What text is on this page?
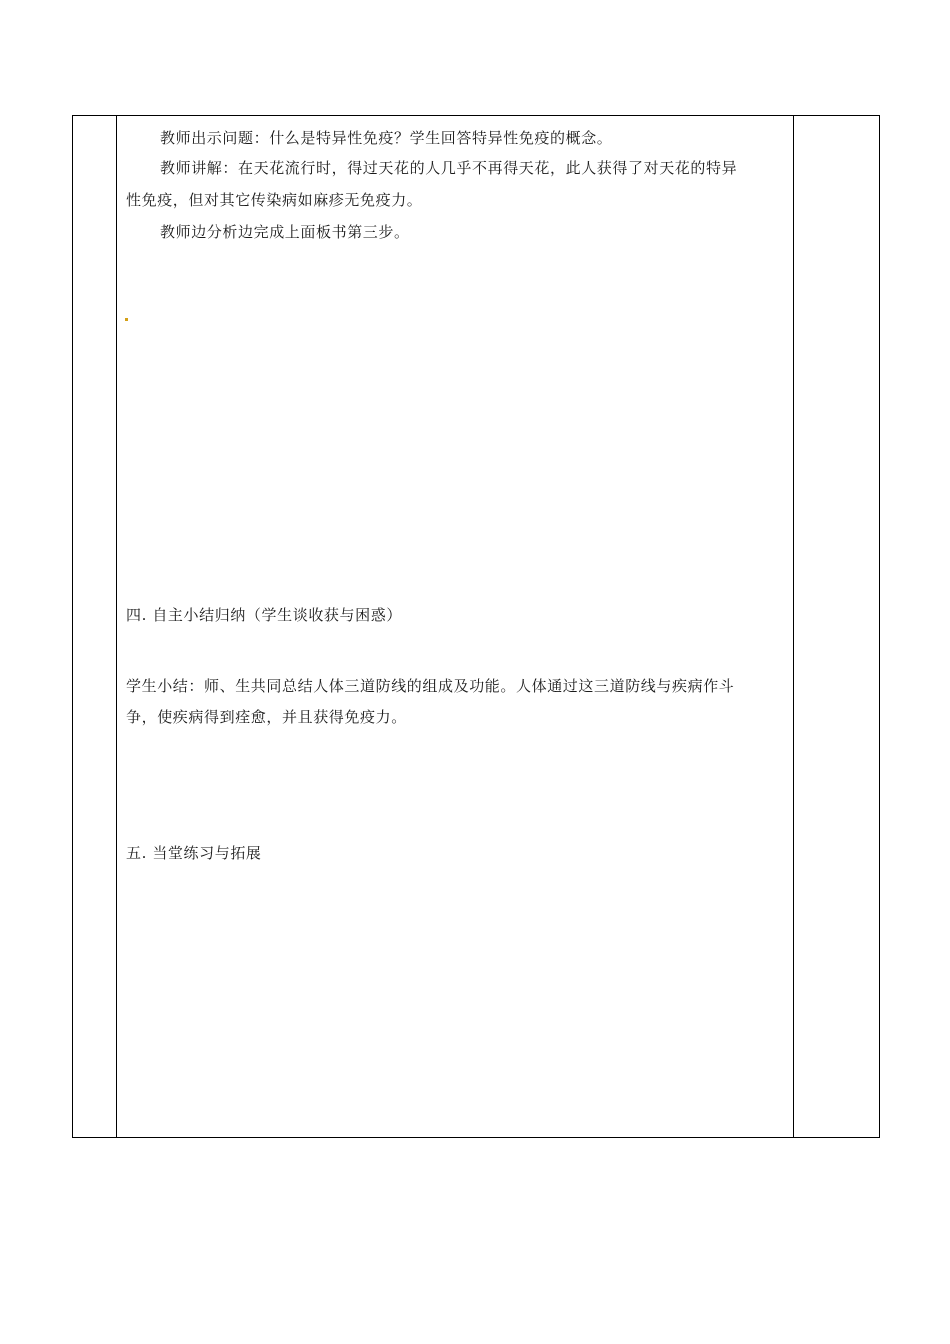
教师出示问题：什么是特异性免疫？学生回答特异性免疫的概念。
教师讲解：在天花流行时，得过天花的人几乎不再得天花，此人获得了对天花的特异
性免疫，但对其它传染病如麻疹无免疫力。
教师边分析边完成上面板书第三步。
四. 自主小结归纳（学生谈收获与困惑）
学生小结：师、生共同总结人体三道防线的组成及功能。人体通过这三道防线与疾病作斗
争，使疾病得到痊愈，并且获得免疫力。
五. 当堂练习与拓展
